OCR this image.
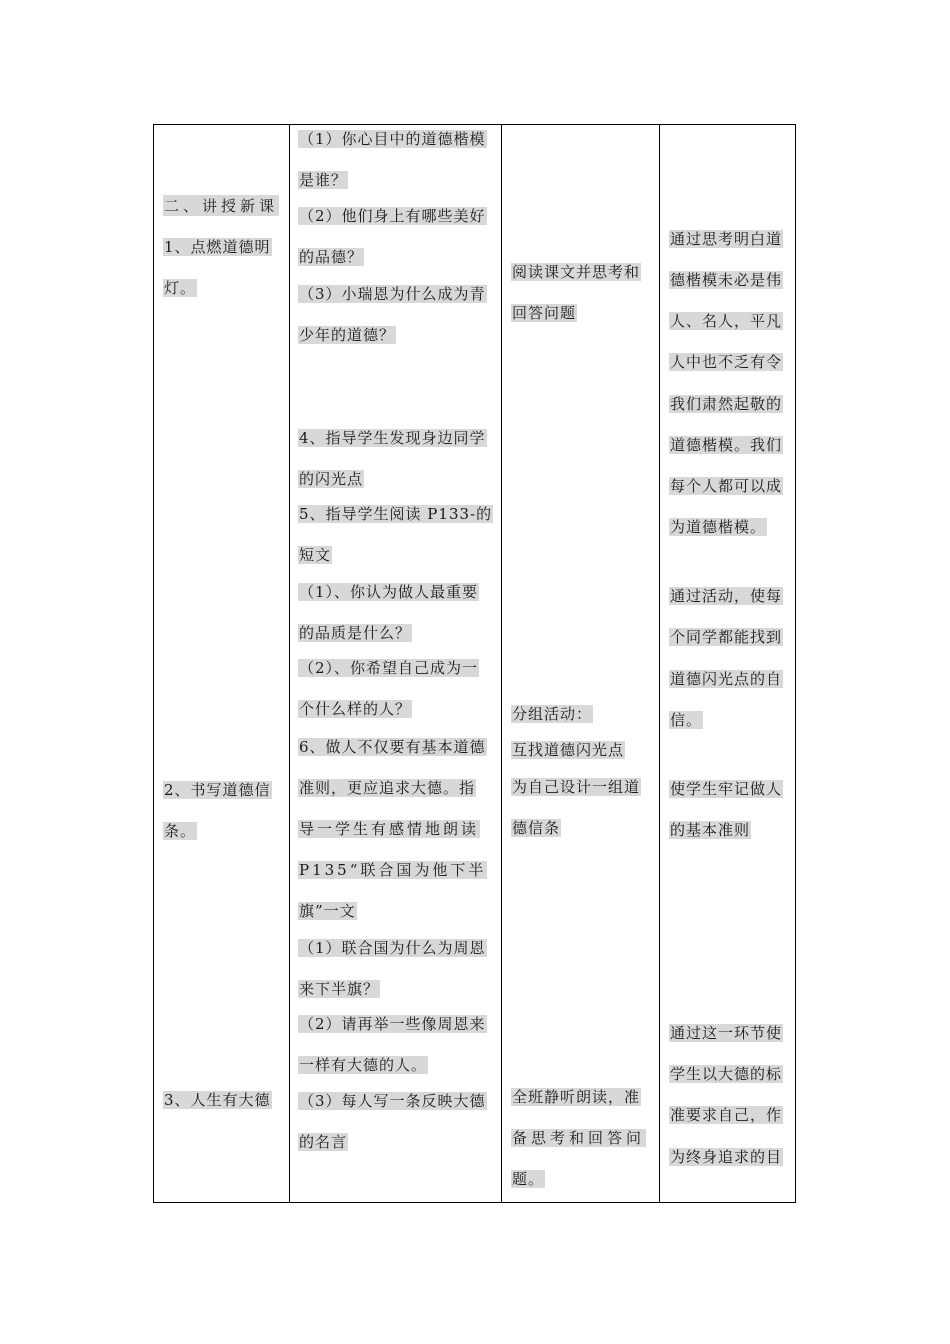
二、讲授新课
1、点燃道德明
灯。
2、书写道德信
条。
3、人生有大德
（1）你心目中的道德楷模
是谁？
（2）他们身上有哪些美好
的品德？
（3）小瑞恩为什么成为青
少年的道德？
4、指导学生发现身边同学
的闪光点
5、指导学生阅读 P133-的
短文
（1）、你认为做人最重要
的品质是什么？
（2）、你希望自己成为一
个什么样的人？
6、做人不仅要有基本道德
准则，更应追求大德。指
导一学生有感情地朗读
P135“联合国为他下半
旗”一文
（1）联合国为什么为周恩
来下半旗？
（2）请再举一些像周恩来
一样有大德的人。
（3）每人写一条反映大德
的名言
阅读课文并思考和
回答问题
分组活动：
互找道德闪光点
为自己设计一组道
德信条
全班静听朗读，准
备思考和回答问
题。
通过思考明白道
德楷模未必是伟
人、名人，平凡
人中也不乏有令
我们肃然起敬的
道德楷模。我们
每个人都可以成
为道德楷模。
通过活动，使每
个同学都能找到
道德闪光点的自
信。
使学生牢记做人
的基本准则
通过这一环节使
学生以大德的标
准要求自己，作
为终身追求的目
